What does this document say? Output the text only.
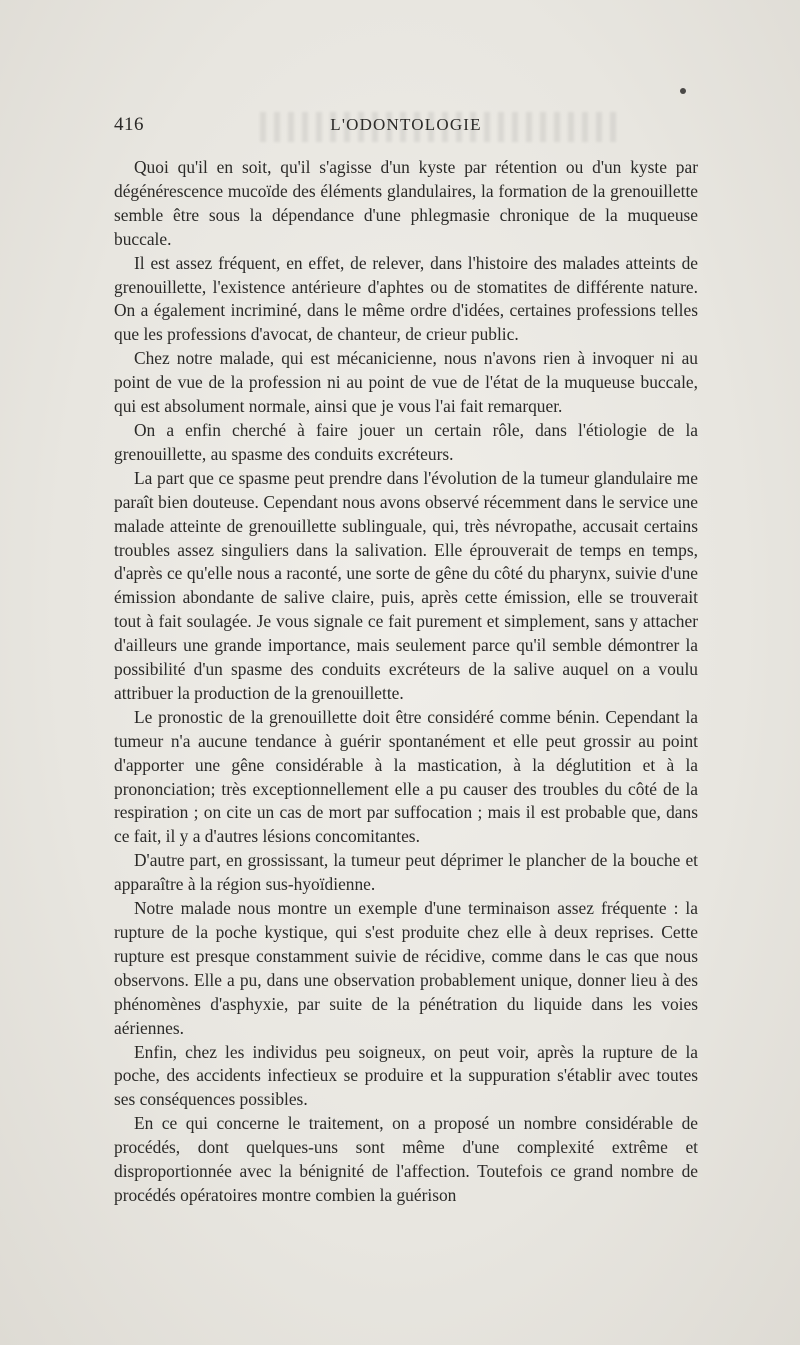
416	L'ODONTOLOGIE

Quoi qu'il en soit, qu'il s'agisse d'un kyste par rétention ou d'un kyste par dégénérescence mucoïde des éléments glandulaires, la formation de la grenouillette semble être sous la dépendance d'une phlegmasie chronique de la muqueuse buccale.

Il est assez fréquent, en effet, de relever, dans l'histoire des malades atteints de grenouillette, l'existence antérieure d'aphtes ou de stomatites de différente nature. On a également incriminé, dans le même ordre d'idées, certaines professions telles que les professions d'avocat, de chanteur, de crieur public.

Chez notre malade, qui est mécanicienne, nous n'avons rien à invoquer ni au point de vue de la profession ni au point de vue de l'état de la muqueuse buccale, qui est absolument normale, ainsi que je vous l'ai fait remarquer.

On a enfin cherché à faire jouer un certain rôle, dans l'étiologie de la grenouillette, au spasme des conduits excréteurs.

La part que ce spasme peut prendre dans l'évolution de la tumeur glandulaire me paraît bien douteuse. Cependant nous avons observé récemment dans le service une malade atteinte de grenouillette sublinguale, qui, très névropathe, accusait certains troubles assez singuliers dans la salivation. Elle éprouverait de temps en temps, d'après ce qu'elle nous a raconté, une sorte de gêne du côté du pharynx, suivie d'une émission abondante de salive claire, puis, après cette émission, elle se trouverait tout à fait soulagée. Je vous signale ce fait purement et simplement, sans y attacher d'ailleurs une grande importance, mais seulement parce qu'il semble démontrer la possibilité d'un spasme des conduits excréteurs de la salive auquel on a voulu attribuer la production de la grenouillette.

Le pronostic de la grenouillette doit être considéré comme bénin. Cependant la tumeur n'a aucune tendance à guérir spontanément et elle peut grossir au point d'apporter une gêne considérable à la mastication, à la déglutition et à la prononciation; très exceptionnellement elle a pu causer des troubles du côté de la respiration ; on cite un cas de mort par suffocation ; mais il est probable que, dans ce fait, il y a d'autres lésions concomitantes.

D'autre part, en grossissant, la tumeur peut déprimer le plancher de la bouche et apparaître à la région sus-hyoïdienne.

Notre malade nous montre un exemple d'une terminaison assez fréquente : la rupture de la poche kystique, qui s'est produite chez elle à deux reprises. Cette rupture est presque constamment suivie de récidive, comme dans le cas que nous observons. Elle a pu, dans une observation probablement unique, donner lieu à des phénomènes d'asphyxie, par suite de la pénétration du liquide dans les voies aériennes.

Enfin, chez les individus peu soigneux, on peut voir, après la rupture de la poche, des accidents infectieux se produire et la suppuration s'établir avec toutes ses conséquences possibles.

En ce qui concerne le traitement, on a proposé un nombre considérable de procédés, dont quelques-uns sont même d'une complexité extrême et disproportionnée avec la bénignité de l'affection. Toutefois ce grand nombre de procédés opératoires montre combien la guérison
